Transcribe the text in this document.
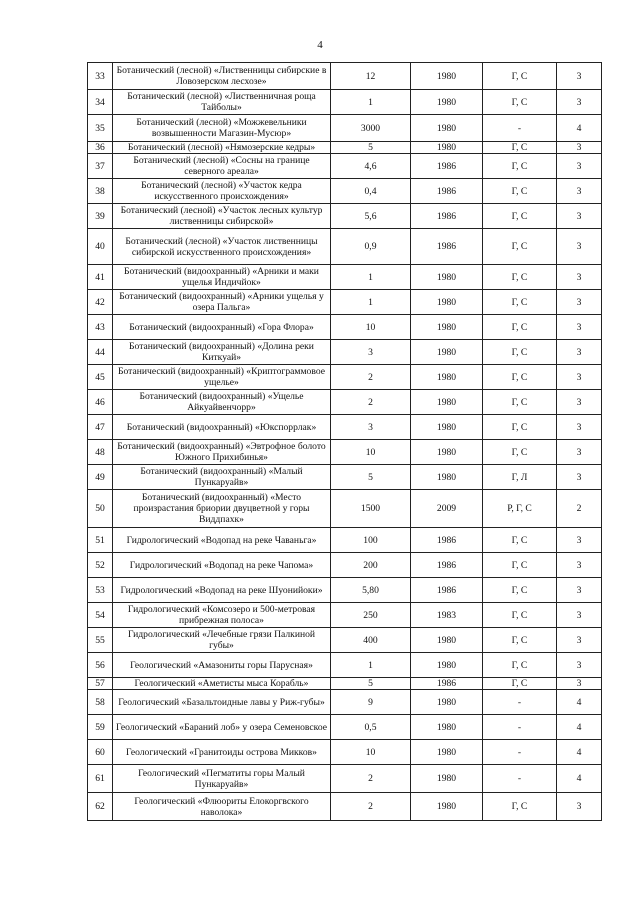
4
33	Ботанический (лесной) «Лиственницы сибирские в Ловозерском лесхозе»	12	1980	Г, С	3
34	Ботанический (лесной) «Лиственничная роща Тайболы»	1	1980	Г, С	3
35	Ботанический (лесной) «Можжевельники возвышенности Магазин-Мусюр»	3000	1980	-	4
36	Ботанический (лесной) «Нямозерские кедры»	5	1980	Г, С	3
37	Ботанический (лесной) «Сосны на границе северного ареала»	4,6	1986	Г, С	3
38	Ботанический (лесной) «Участок кедра искусственного происхождения»	0,4	1986	Г, С	3
39	Ботанический (лесной) «Участок лесных культур лиственницы сибирской»	5,6	1986	Г, С	3
40	Ботанический (лесной) «Участок лиственницы сибирской искусственного происхождения»	0,9	1986	Г, С	3
41	Ботанический (видоохранный) «Арники и маки ущелья Индичйок»	1	1980	Г, С	3
42	Ботанический (видоохранный) «Арники ущелья у озера Пальга»	1	1980	Г, С	3
43	Ботанический (видоохранный) «Гора Флора»	10	1980	Г, С	3
44	Ботанический (видоохранный) «Долина реки Киткуай»	3	1980	Г, С	3
45	Ботанический (видоохранный) «Криптограммовое ущелье»	2	1980	Г, С	3
46	Ботанический (видоохранный) «Ущелье Айкуайвенчорр»	2	1980	Г, С	3
47	Ботанический (видоохранный) «Юкспоррлак»	3	1980	Г, С	3
48	Ботанический (видоохранный) «Эвтрофное болото Южного Прихибинья»	10	1980	Г, С	3
49	Ботанический (видоохранный) «Малый Пункаруайв»	5	1980	Г, Л	3
50	Ботанический (видоохранный) «Место произрастания бриории двуцветной у горы Виддпахк»	1500	2009	Р, Г, С	2
51	Гидрологический «Водопад на реке Чаваньга»	100	1986	Г, С	3
52	Гидрологический «Водопад на реке Чапома»	200	1986	Г, С	3
53	Гидрологический «Водопад на реке Шуонийоки»	5,80	1986	Г, С	3
54	Гидрологический «Комсозеро и 500-метровая прибрежная полоса»	250	1983	Г, С	3
55	Гидрологический «Лечебные грязи Палкиной губы»	400	1980	Г, С	3
56	Геологический «Амазониты горы Парусная»	1	1980	Г, С	3
57	Геологический «Аметисты мыса Корабль»	5	1986	Г, С	3
58	Геологический «Базальтоидные лавы у Риж-губы»	9	1980	-	4
59	Геологический «Бараний лоб» у озера Семеновское	0,5	1980	-	4
60	Геологический «Гранитоиды острова Микков»	10	1980	-	4
61	Геологический «Пегматиты горы Малый Пункаруайв»	2	1980	-	4
62	Геологический «Флюориты Елокоргвского наволока»	2	1980	Г, С	3
